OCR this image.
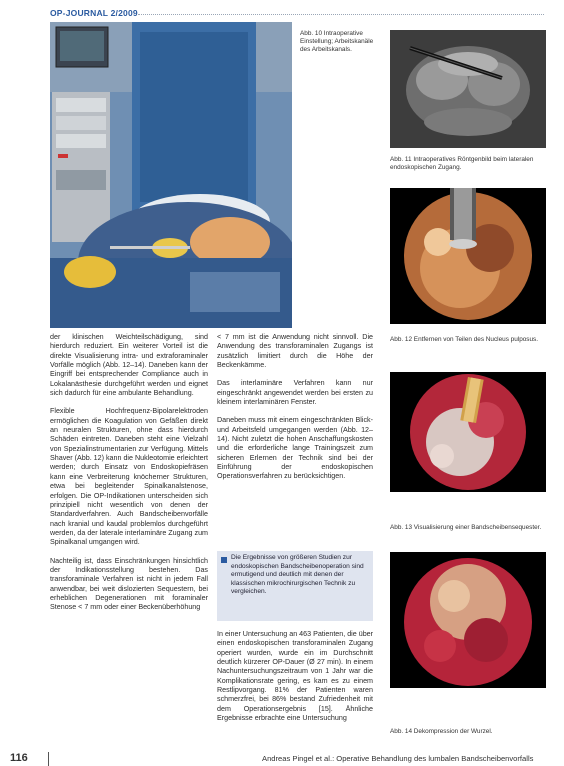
OP-JOURNAL 2/2009
Abb. 10 Intraoperative Einstellung; Arbeitskanäle des Arbeitskanals.
Abb. 11 Intraoperatives Röntgenbild beim lateralen endoskopischen Zugang.
Abb. 12 Entfernen von Teilen des Nucleus pulposus.
Abb. 13 Visualisierung einer Bandscheibensequester.
Abb. 14 Dekompression der Wurzel.

der klinischen Weichteilschädigung, sind hierdurch reduziert. Ein weiterer Vorteil ist die direkte Visualisierung intra- und extraforaminaler Vorfälle möglich (Abb. 12–14). Daneben kann der Eingriff bei entsprechender Compliance auch in Lokalanästhesie durchgeführt werden und eignet sich dadurch für eine ambulante Behandlung.

Flexible Hochfrequenz-Bipolarelektroden ermöglichen die Koagulation von Gefäßen direkt an neuralen Strukturen, ohne dass hierdurch Schäden eintreten. Daneben steht eine Vielzahl von Spezialinstrumentarien zur Verfügung. Mittels Shaver (Abb. 12) kann die Nukleotomie erleichtert werden; durch Einsatz von Endoskopiefräsen kann eine Verbreiterung knöcherner Strukturen, etwa bei begleitender Spinalkanalstenose, erfolgen. Die OP-Indikationen unterscheiden sich prinzipiell nicht wesentlich von denen der Standardverfahren. Auch Bandscheibenvorfälle nach kranial und kaudal problemlos durchgeführt werden, da der laterale interlaminäre Zugang zum Spinalkanal umgangen wird.

Nachteilig ist, dass Einschränkungen hinsichtlich der Indikationsstellung bestehen. Das transforaminale Verfahren ist nicht in jedem Fall anwendbar, bei weit dislozierten Sequestern, bei erheblichen Degenerationen mit foraminaler Stenose < 7 mm oder einer Beckenüberhöhung

< 7 mm ist die Anwendung nicht sinnvoll. Die Anwendung des transforaminalen Zugangs ist zusätzlich limitiert durch die Höhe der Beckenkämme.

Das interlaminäre Verfahren kann nur eingeschränkt angewendet werden bei ersten zu kleinem interlaminären Fenster.

Daneben muss mit einem eingeschränkten Blick- und Arbeitsfeld umgegangen werden (Abb. 12–14). Nicht zuletzt die hohen Anschaffungskosten und die erforderliche lange Trainingszeit zum sicheren Erlernen der Technik sind bei der Einführung der endoskopischen Operationsverfahren zu berücksichtigen.

Die Ergebnisse von größeren Studien zur endoskopischen Bandscheibenoperation sind ermutigend und deutlich mit denen der klassischen mikrochirurgischen Technik zu vergleichen.

In einer Untersuchung an 463 Patienten, die über einen endoskopischen transforaminalen Zugang operiert wurden, wurde ein im Durchschnitt deutlich kürzerer OP-Dauer (Ø 27 min). In einem Nachuntersuchungszeitraum von 1 Jahr war die Komplikationsrate gering, es kam es zu einem Restlipvorgang. 81% der Patienten waren schmerzfrei, bei 86% bestand Zufriedenheit mit dem Operationsergebnis [15]. Ähnliche Ergebnisse erbrachte eine Untersuchung

116	Andreas Pingel et al.: Operative Behandlung des lumbalen Bandscheibenvorfalls
